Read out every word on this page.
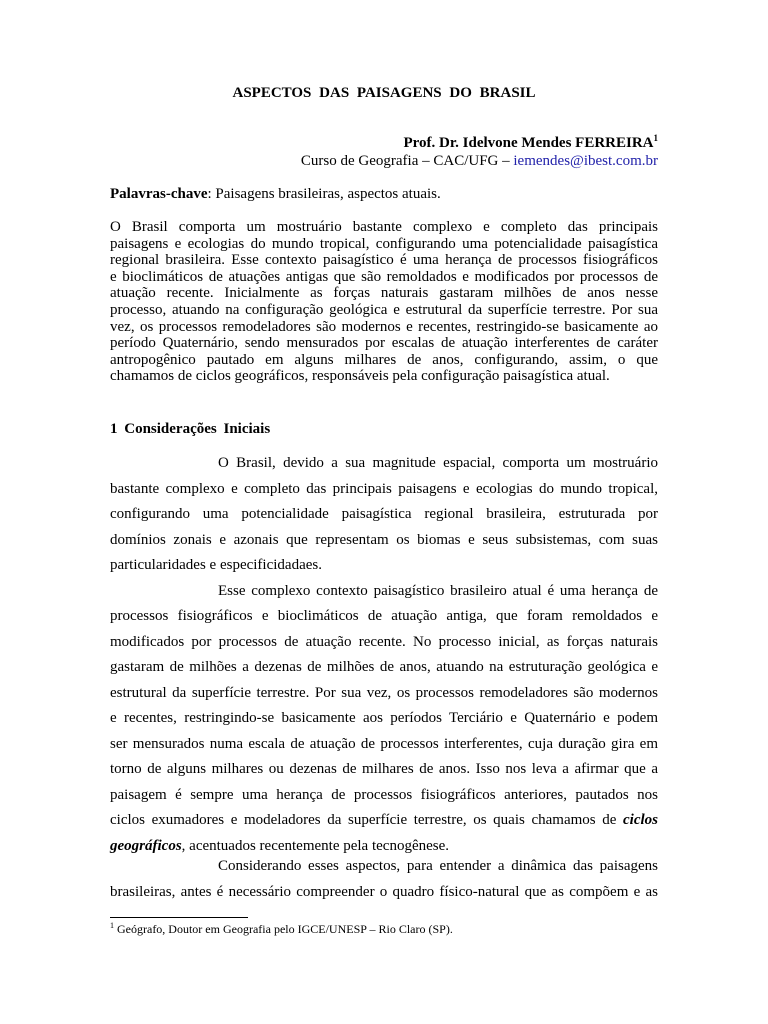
ASPECTOS DAS PAISAGENS DO BRASIL
Prof. Dr. Idelvone Mendes FERREIRA$^1$
Curso de Geografia – CAC/UFG – iemendes@ibest.com.br
Palavras-chave: Paisagens brasileiras, aspectos atuais.
O Brasil comporta um mostruário bastante complexo e completo das principais
paisagens e ecologias do mundo tropical, configurando uma potencialidade paisagística
regional brasileira. Esse contexto paisagístico é uma herança de processos fisiográficos
e bioclimáticos de atuações antigas que são remoldados e modificados por processos de
atuação recente. Inicialmente as forças naturais gastaram milhões de anos nesse
processo, atuando na configuração geológica e estrutural da superfície terrestre. Por sua
vez, os processos remodeladores são modernos e recentes, restringido-se basicamente ao
período Quaternário, sendo mensurados por escalas de atuação interferentes de caráter
antropogênico pautado em alguns milhares de anos, configurando, assim, o que
chamamos de ciclos geográficos, responsáveis pela configuração paisagística atual.
1 Considerações Iniciais
O Brasil, devido a sua magnitude espacial, comporta um mostruário
bastante complexo e completo das principais paisagens e ecologias do mundo tropical,
configurando uma potencialidade paisagística regional brasileira, estruturada por
domínios zonais e azonais que representam os biomas e seus subsistemas, com suas
particularidades e especificidadaes.
Esse complexo contexto paisagístico brasileiro atual é uma herança de
processos fisiográficos e bioclimáticos de atuação antiga, que foram remoldados e
modificados por processos de atuação recente. No processo inicial, as forças naturais
gastaram de milhões a dezenas de milhões de anos, atuando na estruturação geológica e
estrutural da superfície terrestre. Por sua vez, os processos remodeladores são modernos
e recentes, restringindo-se basicamente aos períodos Terciário e Quaternário e podem
ser mensurados numa escala de atuação de processos interferentes, cuja duração gira em
torno de alguns milhares ou dezenas de milhares de anos. Isso nos leva a afirmar que a
paisagem é sempre uma herança de processos fisiográficos anteriores, pautados nos
ciclos exumadores e modeladores da superfície terrestre, os quais chamamos de ciclos
geográficos, acentuados recentemente pela tecnogênese.
Considerando esses aspectos, para entender a dinâmica das paisagens
brasileiras, antes é necessário compreender o quadro físico-natural que as compõem e as
$^1$ Geógrafo, Doutor em Geografia pelo IGCE/UNESP – Rio Claro (SP).
